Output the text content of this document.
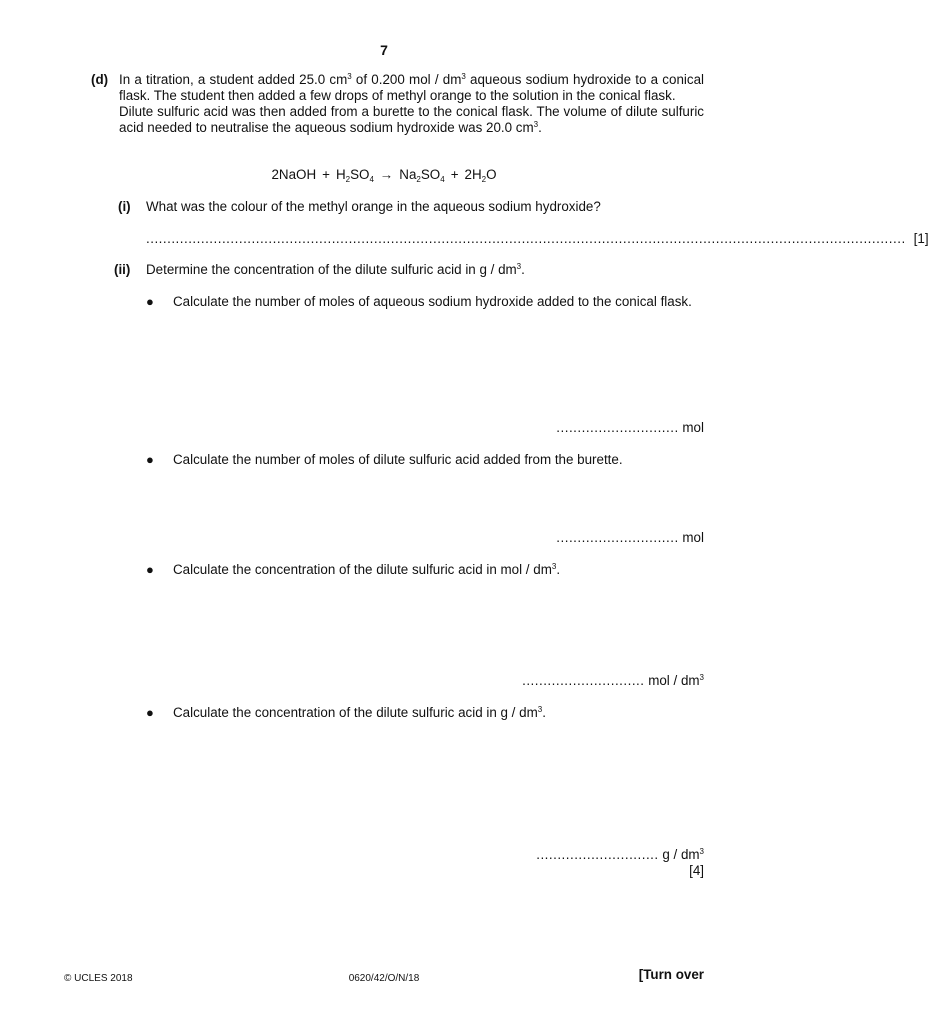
7
(d) In a titration, a student added 25.0 $cm^3$ of 0.200 mol / $dm^3$ aqueous sodium hydroxide to a conical flask. The student then added a few drops of methyl orange to the solution in the conical flask.

Dilute sulfuric acid was then added from a burette to the conical flask. The volume of dilute sulfuric acid needed to neutralise the aqueous sodium hydroxide was 20.0 $cm^3$.

2NaOH + $H_2SO_4 \to Na_2SO_4 + 2H_2O$
(i) What was the colour of the methyl orange in the aqueous sodium hydroxide?
.................................................................................................................................................................................... [1]
(ii) Determine the concentration of the dilute sulfuric acid in g / $dm^3$.
● Calculate the number of moles of aqueous sodium hydroxide added to the conical flask.
............................. mol
● Calculate the number of moles of dilute sulfuric acid added from the burette.
............................. mol
● Calculate the concentration of the dilute sulfuric acid in mol / $dm^3$.
............................. mol / $dm^3$
● Calculate the concentration of the dilute sulfuric acid in g / $dm^3$.
............................. g / $dm^3$
[4]
© UCLES 2018	0620/42/O/N/18	[Turn over
